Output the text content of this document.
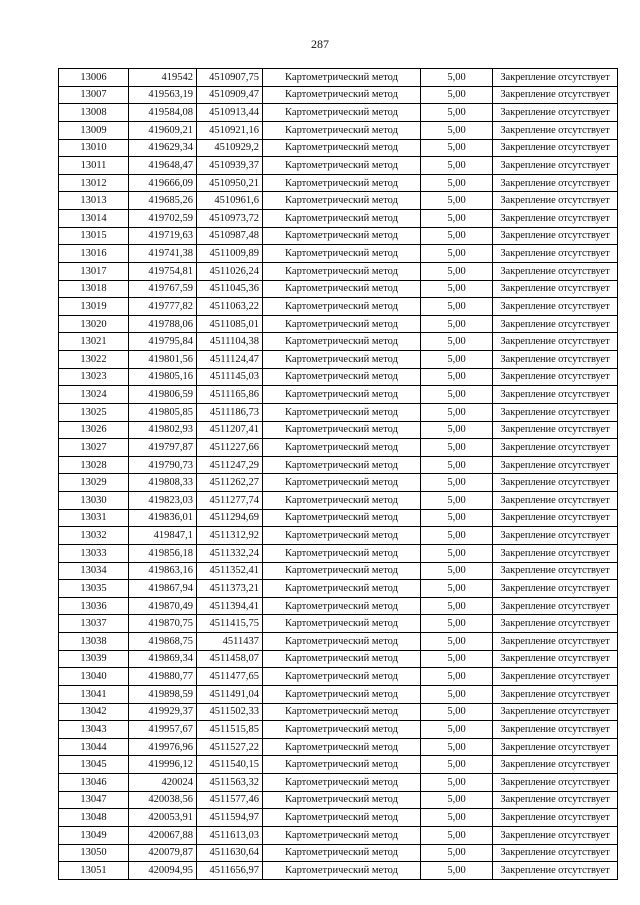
287
13006	419542	4510907,75	Картометрический метод	5,00	Закрепление отсутствует
13007	419563,19	4510909,47	Картометрический метод	5,00	Закрепление отсутствует
13008	419584,08	4510913,44	Картометрический метод	5,00	Закрепление отсутствует
13009	419609,21	4510921,16	Картометрический метод	5,00	Закрепление отсутствует
13010	419629,34	4510929,2	Картометрический метод	5,00	Закрепление отсутствует
13011	419648,47	4510939,37	Картометрический метод	5,00	Закрепление отсутствует
13012	419666,09	4510950,21	Картометрический метод	5,00	Закрепление отсутствует
13013	419685,26	4510961,6	Картометрический метод	5,00	Закрепление отсутствует
13014	419702,59	4510973,72	Картометрический метод	5,00	Закрепление отсутствует
13015	419719,63	4510987,48	Картометрический метод	5,00	Закрепление отсутствует
13016	419741,38	4511009,89	Картометрический метод	5,00	Закрепление отсутствует
13017	419754,81	4511026,24	Картометрический метод	5,00	Закрепление отсутствует
13018	419767,59	4511045,36	Картометрический метод	5,00	Закрепление отсутствует
13019	419777,82	4511063,22	Картометрический метод	5,00	Закрепление отсутствует
13020	419788,06	4511085,01	Картометрический метод	5,00	Закрепление отсутствует
13021	419795,84	4511104,38	Картометрический метод	5,00	Закрепление отсутствует
13022	419801,56	4511124,47	Картометрический метод	5,00	Закрепление отсутствует
13023	419805,16	4511145,03	Картометрический метод	5,00	Закрепление отсутствует
13024	419806,59	4511165,86	Картометрический метод	5,00	Закрепление отсутствует
13025	419805,85	4511186,73	Картометрический метод	5,00	Закрепление отсутствует
13026	419802,93	4511207,41	Картометрический метод	5,00	Закрепление отсутствует
13027	419797,87	4511227,66	Картометрический метод	5,00	Закрепление отсутствует
13028	419790,73	4511247,29	Картометрический метод	5,00	Закрепление отсутствует
13029	419808,33	4511262,27	Картометрический метод	5,00	Закрепление отсутствует
13030	419823,03	4511277,74	Картометрический метод	5,00	Закрепление отсутствует
13031	419836,01	4511294,69	Картометрический метод	5,00	Закрепление отсутствует
13032	419847,1	4511312,92	Картометрический метод	5,00	Закрепление отсутствует
13033	419856,18	4511332,24	Картометрический метод	5,00	Закрепление отсутствует
13034	419863,16	4511352,41	Картометрический метод	5,00	Закрепление отсутствует
13035	419867,94	4511373,21	Картометрический метод	5,00	Закрепление отсутствует
13036	419870,49	4511394,41	Картометрический метод	5,00	Закрепление отсутствует
13037	419870,75	4511415,75	Картометрический метод	5,00	Закрепление отсутствует
13038	419868,75	4511437	Картометрический метод	5,00	Закрепление отсутствует
13039	419869,34	4511458,07	Картометрический метод	5,00	Закрепление отсутствует
13040	419880,77	4511477,65	Картометрический метод	5,00	Закрепление отсутствует
13041	419898,59	4511491,04	Картометрический метод	5,00	Закрепление отсутствует
13042	419929,37	4511502,33	Картометрический метод	5,00	Закрепление отсутствует
13043	419957,67	4511515,85	Картометрический метод	5,00	Закрепление отсутствует
13044	419976,96	4511527,22	Картометрический метод	5,00	Закрепление отсутствует
13045	419996,12	4511540,15	Картометрический метод	5,00	Закрепление отсутствует
13046	420024	4511563,32	Картометрический метод	5,00	Закрепление отсутствует
13047	420038,56	4511577,46	Картометрический метод	5,00	Закрепление отсутствует
13048	420053,91	4511594,97	Картометрический метод	5,00	Закрепление отсутствует
13049	420067,88	4511613,03	Картометрический метод	5,00	Закрепление отсутствует
13050	420079,87	4511630,64	Картометрический метод	5,00	Закрепление отсутствует
13051	420094,95	4511656,97	Картометрический метод	5,00	Закрепление отсутствует
